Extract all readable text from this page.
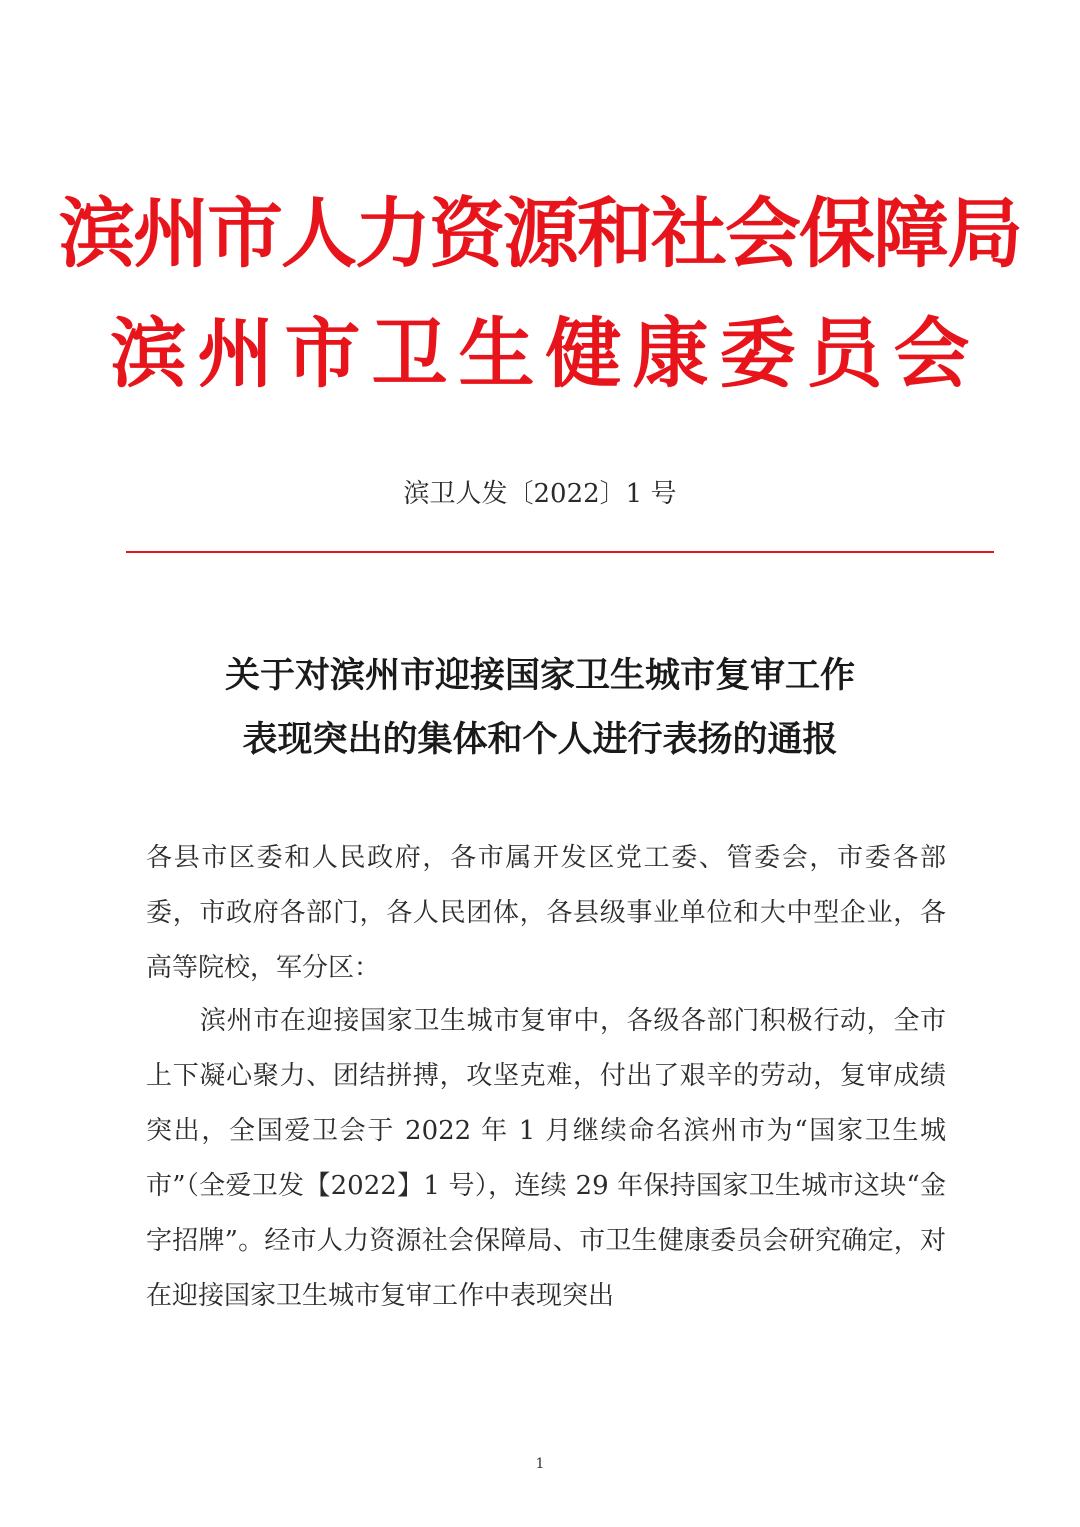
滨州市人力资源和社会保障局
滨州市卫生健康委员会
滨卫人发〔2022〕1 号
关于对滨州市迎接国家卫生城市复审工作
表现突出的集体和个人进行表扬的通报
各县市区委和人民政府，各市属开发区党工委、管委会，市委各部委，市政府各部门，各人民团体，各县级事业单位和大中型企业，各高等院校，军分区：
滨州市在迎接国家卫生城市复审中，各级各部门积极行动，全市上下凝心聚力、团结拼搏，攻坚克难，付出了艰辛的劳动，复审成绩突出，全国爱卫会于 2022 年 1 月继续命名滨州市为“国家卫生城市”（全爱卫发【2022】1 号），连续 29 年保持国家卫生城市这块“金字招牌”。经市人力资源社会保障局、市卫生健康委员会研究确定，对在迎接国家卫生城市复审工作中表现突出
1
